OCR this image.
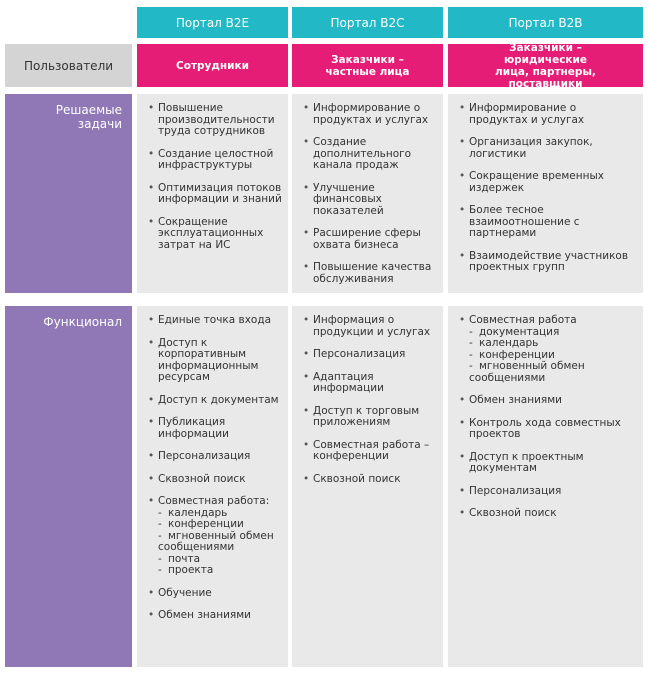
Портал B2E	Портал B2C	Портал B2B
Пользователи	Сотрудники	Заказчики – частные лица
Заказчики – юридические лица, партнеры, поставщики
Решаемые задачи
• Повышение производительности труда сотрудников
• Создание целостной инфраструктуры
• Оптимизация потоков информации и знаний
• Сокращение эксплуатационных затрат на ИС
• Информирование о продуктах и услугах
• Создание дополнительного канала продаж
• Улучшение финансовых показателей
• Расширение сферы охвата бизнеса
• Повышение качества обслуживания
• Информирование о продуктах и услугах
• Организация закупок, логистики
• Сокращение временных издержек
• Более тесное взаимоотношение с партнерами
• Взаимодействие участников проектных групп
Функционал
•	Единые точка входа
• Доступ к корпоративным информационным ресурсам
• Доступ к документам
• Публикация информации
• Персонализация
• Сквозной поиск
• Совместная работа:
- календарь
- конференции
- мгновенный обмен сообщениями
- почта
- проекта
• Обучение
• Обмен знаниями
• Информация о продукции и услугах
• Персонализация
• Адаптация информации
• Доступ к торговым приложениям
• Совместная работа – конференции
• Сквозной поиск
• Совместная работа
- документация
- календарь
- конференции
- мгновенный обмен сообщениями
• Обмен знаниями
• Контроль хода совместных проектов
• Доступ к проектным документам
• Персонализация
• Сквозной поиск
